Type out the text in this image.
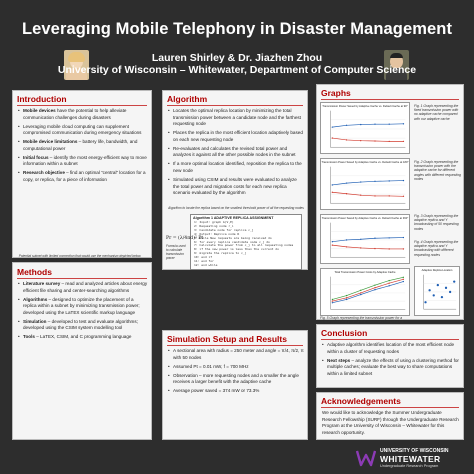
Leveraging Mobile Telephony in Disaster Management
Lauren Shirley & Dr. Jiazhen Zhou
University of Wisconsin – Whitewater, Department of Computer Science
Introduction
• Mobile devices have the potential to help alleviate communication challenges during disasters
• Leveraging mobile cloud computing can supplement compromised communication during emergency situations
• Mobile device limitations – battery life, bandwidth, and computational power
• Initial focus – identify the most energy-efficient way to move information within a subnet
• Research objective – find an optimal “central” location for a copy, or replica, for a piece of information
Potential subnet with limited connection that would use the mechanism depicted below. S, M, F, and D of dynamic information
Methods
• Literature survey – read and analyzed articles about energy efficient file sharing and center-searching algorithms
• Algorithms – designed to optimize the placement of a replica within a subnet by minimizing transmission power; developed using the LaTEX scientific markup language
• Simulation – developed to test and evaluate algorithms; developed using the CSIM system modelling tool
• Tools – LaTEX, CSIM, and C programming language
Algorithm
• Locates the optimal replica location by minimizing the total transmission power between a candidate node and the farthest requesting node
• Places the replica in the most efficient location adaptively based on each new requesting node
• Re-evaluates and calculates the revised total power and analyzes it against all the other possible nodes in the subnet
• If a more optimal location identified, reposition the replica to the new node
• Simulated using CSIM and results were evaluated to analyze the total power and migration costs for each new replica scenario evaluated by the algorithm
Algorithm to locate the replica based on the smallest threshold power of all the requesting nodes
Algorithm 1 ADAPTIVE REPLICA ASSIGNMENT
1: Input: graph G(V,E)
2: Requesting node r_i
3: Candidate node for replica c_j
4: Output: Replica node R
5: while New requests are being received do
6: for every replica candidate node c_j do
7: Calculate the power from c_j to all requesting nodes
8: if the new power is less than the current do
9: migrate the replica to c_j
10: end if
11: end for
12: end while
Pr = (λ/4πd)² Pt
Formula used to calculate transmission power
Simulation Setup and Results
• A sectional area with radius = 250 meter and angle = π/4, π/2, π with 50 nodes
• Assumed Pt = 0.01 mW, f = 700 MHz
• Observation – more requesting nodes and a smaller the angle receives a larger benefit with the adaptive cache
• Average power saved = 374 mW or 73.3%
Graphs
Transmission Power Saved by Adaptive Cache vs. Default Cache at 90°
Transmission Power Saved by Adaptive Cache vs. Default Cache at 180°
Transmission Power Saved by Adaptive Cache vs. Default Cache at 360°
Total Transmission Power Costs by Adaptive Cache
Adaptive Replica Location
Fig. 1 Graph representing the fixed transmission power with no adaptive cache compared with our adaptive cache
Fig. 2 Graph representing the transmission power with the adaptive cache for different angles with different requesting nodes
Fig. 3 Graph representing the adaptive replica and Y broadcasting of 50 requesting nodes
Fig. 4 Graph representing the adaptive replica and Y broadcasting with different requesting nodes
Fig. 5 Graph representing the transmission power for a default cache and a cache that maximizes transmission
Conclusion
• Adaptive algorithm identifies location of the most efficient node within a cluster of requesting nodes
• Next steps – analyze the effects of using a clustering method for multiple caches; evaluate the best way to share computations within a limited subnet
Acknowledgements
We would like to acknowledge the Summer Undergraduate Research Fellowship (SURF) through the Undergraduate Research Program at the University of Wisconsin – Whitewater for this research opportunity.
UNIVERSITY OF WISCONSIN
WHITEWATER
Undergraduate Research Program
